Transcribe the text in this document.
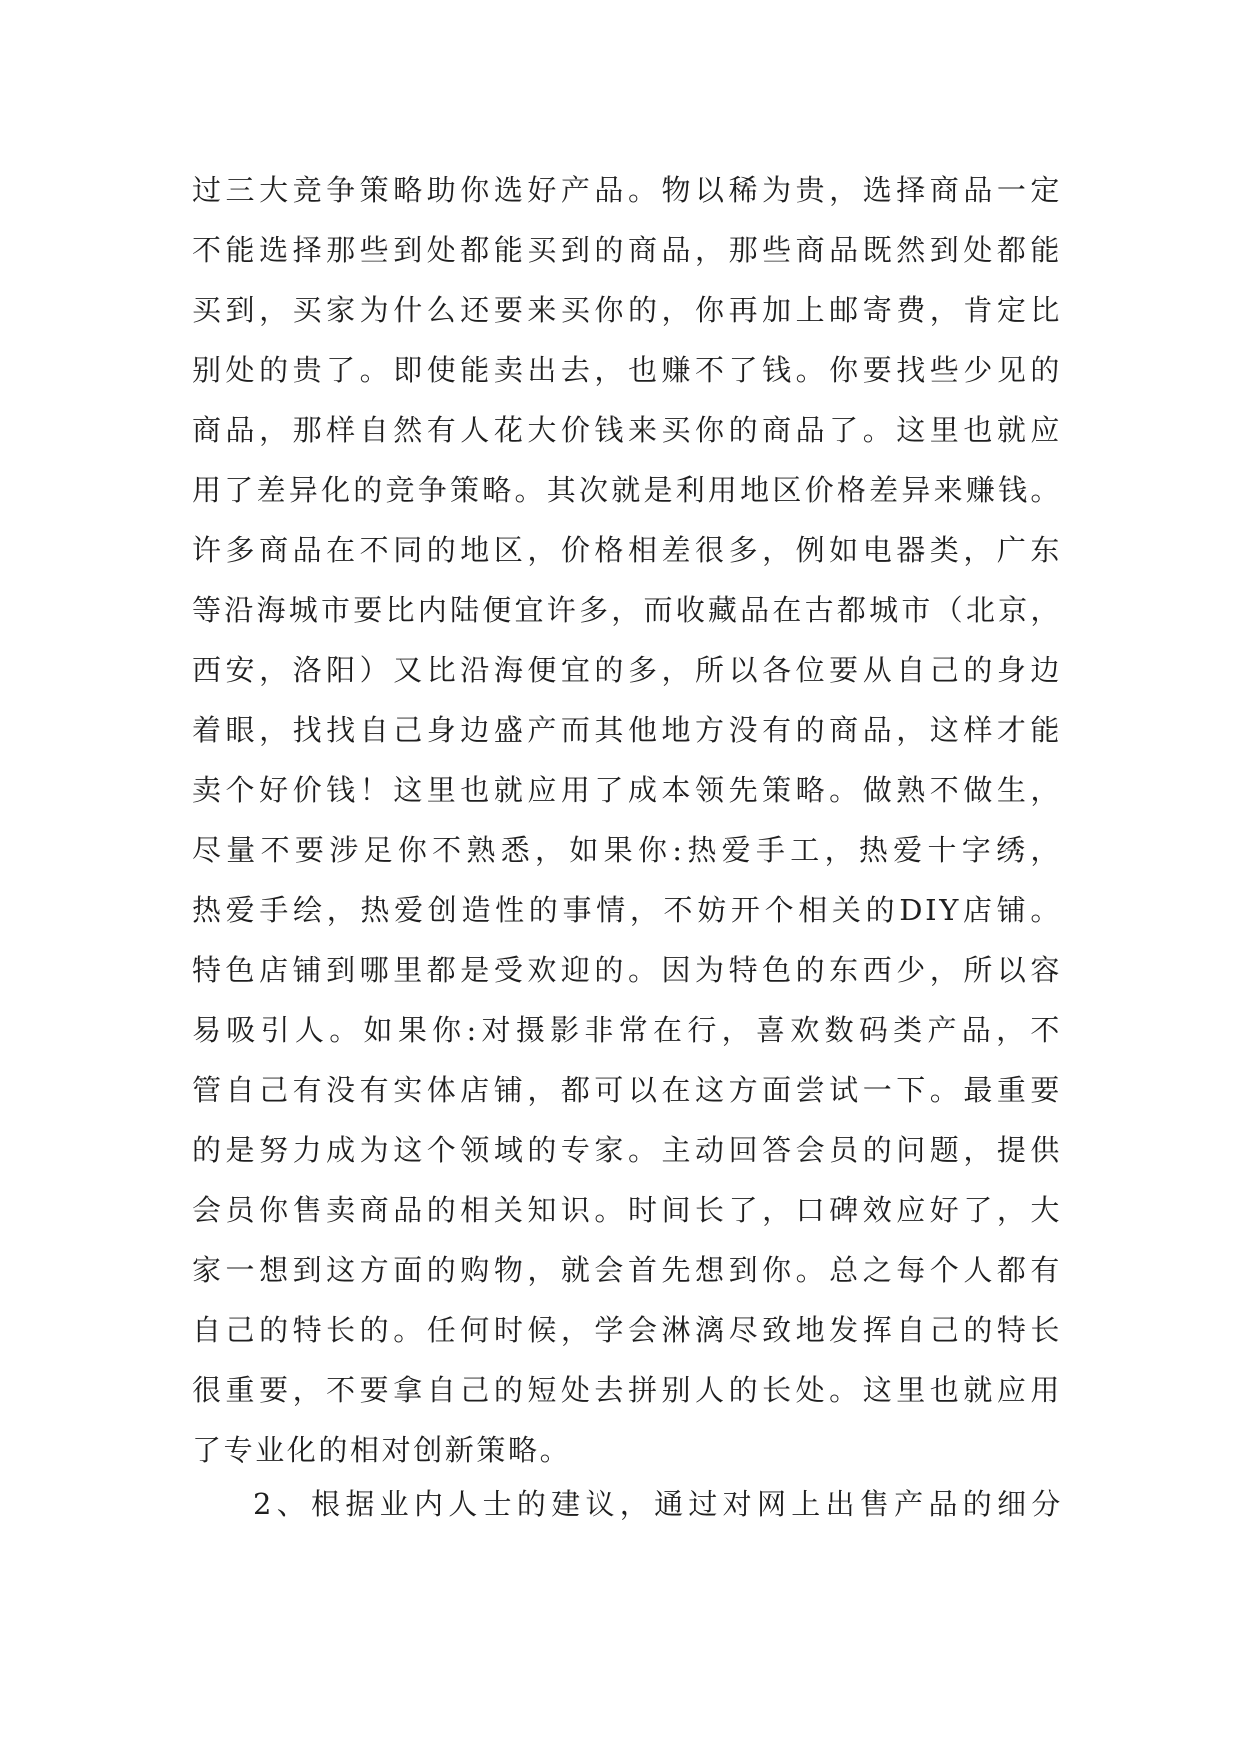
过三大竞争策略助你选好产品。物以稀为贵，选择商品一定
不能选择那些到处都能买到的商品，那些商品既然到处都能
买到，买家为什么还要来买你的，你再加上邮寄费，肯定比
别处的贵了。即使能卖出去，也赚不了钱。你要找些少见的
商品，那样自然有人花大价钱来买你的商品了。这里也就应
用了差异化的竞争策略。其次就是利用地区价格差异来赚钱。
许多商品在不同的地区，价格相差很多，例如电器类，广东
等沿海城市要比内陆便宜许多，而收藏品在古都城市（北京，
西安，洛阳）又比沿海便宜的多，所以各位要从自己的身边
着眼，找找自己身边盛产而其他地方没有的商品，这样才能
卖个好价钱！这里也就应用了成本领先策略。做熟不做生，
尽量不要涉足你不熟悉，如果你:热爱手工，热爱十字绣，
热爱手绘，热爱创造性的事情，不妨开个相关的DIY店铺。
特色店铺到哪里都是受欢迎的。因为特色的东西少，所以容
易吸引人。如果你:对摄影非常在行，喜欢数码类产品，不
管自己有没有实体店铺，都可以在这方面尝试一下。最重要
的是努力成为这个领域的专家。主动回答会员的问题，提供
会员你售卖商品的相关知识。时间长了，口碑效应好了，大
家一想到这方面的购物，就会首先想到你。总之每个人都有
自己的特长的。任何时候，学会淋漓尽致地发挥自己的特长
很重要，不要拿自己的短处去拼别人的长处。这里也就应用
了专业化的相对创新策略。
2、根据业内人士的建议，通过对网上出售产品的细分
